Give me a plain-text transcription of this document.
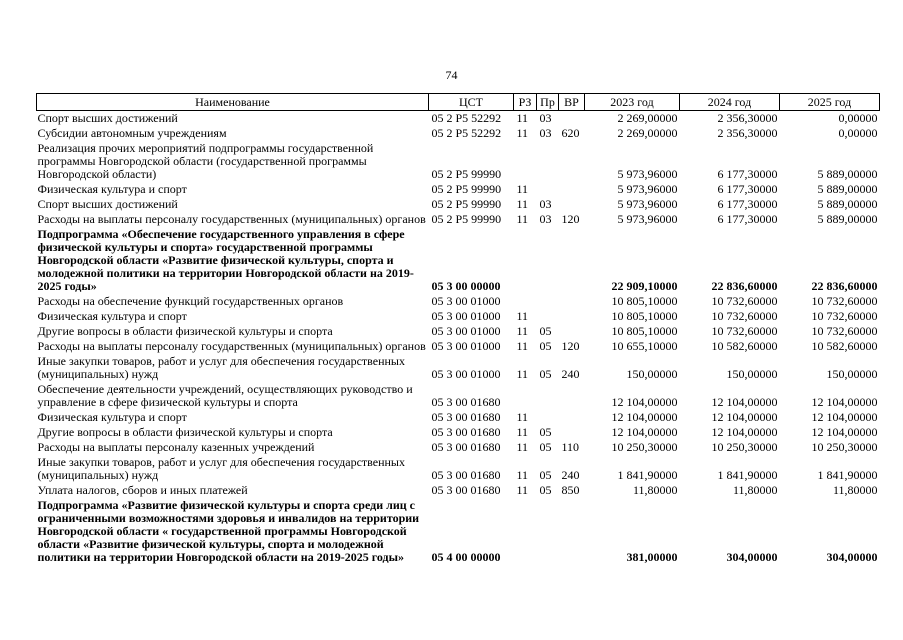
74
Наименование	ЦСТ	РЗ	Пр	ВР	2023 год	2024 год	2025 год
Спорт высших достижений	05 2 P5 52292	11	03		2 269,00000	2 356,30000	0,00000
Субсидии автономным учреждениям	05 2 P5 52292	11	03	620	2 269,00000	2 356,30000	0,00000
Реализация прочих мероприятий подпрограммы государственной программы Новгородской области (государственной программы Новгородской области)	05 2 P5 99990				5 973,96000	6 177,30000	5 889,00000
Физическая культура и спорт	05 2 P5 99990	11			5 973,96000	6 177,30000	5 889,00000
Спорт высших достижений	05 2 P5 99990	11	03		5 973,96000	6 177,30000	5 889,00000
Расходы на выплаты персоналу государственных (муниципальных) органов	05 2 P5 99990	11	03	120	5 973,96000	6 177,30000	5 889,00000
Подпрограмма «Обеспечение государственного управления в сфере физической культуры и спорта» государственной программы Новгородской области «Развитие физической культуры, спорта и молодежной политики на территории Новгородской области на 2019-2025 годы»	05 3 00 00000				22 909,10000	22 836,60000	22 836,60000
Расходы на обеспечение функций государственных органов	05 3 00 01000				10 805,10000	10 732,60000	10 732,60000
Физическая культура и спорт	05 3 00 01000	11			10 805,10000	10 732,60000	10 732,60000
Другие вопросы в области физической культуры и спорта	05 3 00 01000	11	05		10 805,10000	10 732,60000	10 732,60000
Расходы на выплаты персоналу государственных (муниципальных) органов	05 3 00 01000	11	05	120	10 655,10000	10 582,60000	10 582,60000
Иные закупки товаров, работ и услуг для обеспечения государственных (муниципальных) нужд	05 3 00 01000	11	05	240	150,00000	150,00000	150,00000
Обеспечение деятельности учреждений, осуществляющих руководство и управление в сфере физической культуры и спорта	05 3 00 01680				12 104,00000	12 104,00000	12 104,00000
Физическая культура и спорт	05 3 00 01680	11			12 104,00000	12 104,00000	12 104,00000
Другие вопросы в области физической культуры и спорта	05 3 00 01680	11	05		12 104,00000	12 104,00000	12 104,00000
Расходы на выплаты персоналу казенных учреждений	05 3 00 01680	11	05	110	10 250,30000	10 250,30000	10 250,30000
Иные закупки товаров, работ и услуг для обеспечения государственных (муниципальных) нужд	05 3 00 01680	11	05	240	1 841,90000	1 841,90000	1 841,90000
Уплата налогов, сборов и иных платежей	05 3 00 01680	11	05	850	11,80000	11,80000	11,80000
Подпрограмма «Развитие физической культуры и спорта среди лиц с ограниченными возможностями здоровья и инвалидов на территории Новгородской области « государственной программы Новгородской области «Развитие физической культуры, спорта и молодежной политики на территории Новгородской области на 2019-2025 годы»	05 4 00 00000				381,00000	304,00000	304,00000
